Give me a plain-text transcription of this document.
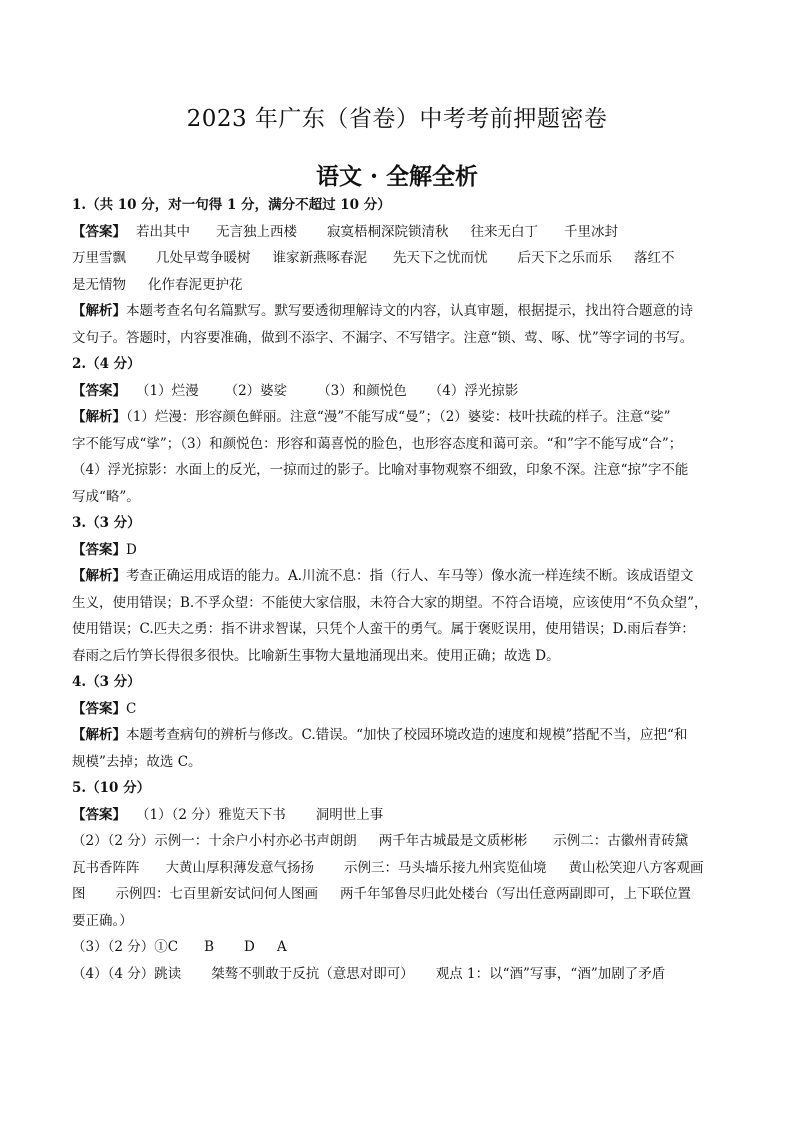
2023 年广东（省卷）中考考前押题密卷
语文 · 全解全析
1.（共 10 分，对一句得 1 分，满分不超过 10 分）
【答案】 若出其中 无言独上西楼 寂寞梧桐深院锁清秋 往来无白丁 千里冰封
万里雪飘 几处早莺争暖树 谁家新燕啄春泥 先天下之忧而忧 后天下之乐而乐 落红不
是无情物 化作春泥更护花
【解析】本题考查名句名篇默写。默写要透彻理解诗文的内容，认真审题，根据提示，找出符合题意的诗
文句子。答题时，内容要准确，做到不添字、不漏字、不写错字。注意“锁、莺、啄、忧”等字词的书写。
2.（4 分）
【答案】 （1）烂漫 （2）婆娑 （3）和颜悦色 （4）浮光掠影
【解析】（1）烂漫：形容颜色鲜丽。注意“漫”不能写成“曼”；（2）婆娑：枝叶扶疏的样子。注意“娑”
字不能写成“挲”；（3）和颜悦色：形容和蔼喜悦的脸色，也形容态度和蔼可亲。“和”字不能写成“合”；
（4）浮光掠影：水面上的反光，一掠而过的影子。比喻对事物观察不细致，印象不深。注意“掠”字不能
写成“略”。
3.（3 分）
【答案】D
【解析】考查正确运用成语的能力。A.川流不息：指（行人、车马等）像水流一样连续不断。该成语望文
生义，使用错误；B.不孚众望：不能使大家信服，未符合大家的期望。不符合语境，应该使用“不负众望”，
使用错误；C.匹夫之勇：指不讲求智谋，只凭个人蛮干的勇气。属于褒贬误用，使用错误；D.雨后春笋：
春雨之后竹笋长得很多很快。比喻新生事物大量地涌现出来。使用正确；故选 D。
4.（3 分）
【答案】C
【解析】本题考查病句的辨析与修改。C.错误。“加快了校园环境改造的速度和规模”搭配不当，应把“和
规模”去掉；故选 C。
5.（10 分）
【答案】 （1）（2 分）雅览天下书 洞明世上事
（2）（2 分）示例一：十余户小村亦必书声朗朗 两千年古城最是文质彬彬 示例二：古徽州青砖黛
瓦书香阵阵 大黄山厚积薄发意气扬扬 示例三：马头墙乐接九州宾览仙境 黄山松笑迎八方客观画
图 示例四：七百里新安试问何人图画 两千年邹鲁尽归此处楼台（写出任意两副即可，上下联位置
要正确。）
（3）（2 分）①C B D A
（4）（4 分）跳读 桀骜不驯敢于反抗（意思对即可） 观点 1：以“酒”写事，“酒”加剧了矛盾
